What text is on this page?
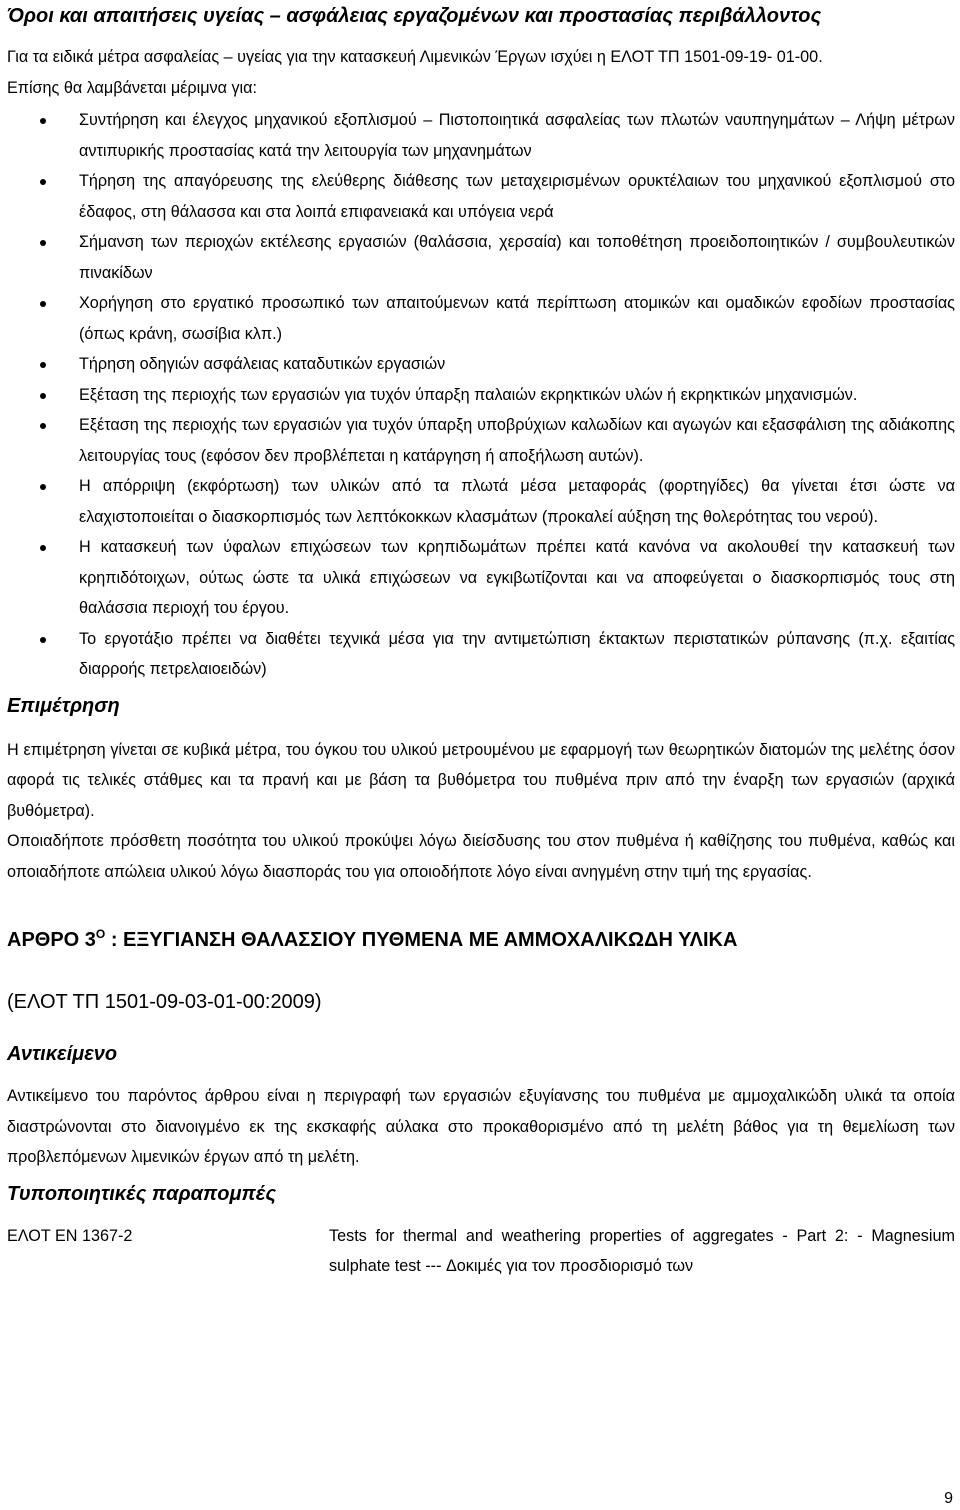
Όροι και απαιτήσεις υγείας – ασφάλειας εργαζομένων και προστασίας περιβάλλοντος

Για τα ειδικά μέτρα ασφαλείας – υγείας για την κατασκευή Λιμενικών Έργων ισχύει η ΕΛΟΤ ΤΠ 1501-09-19- 01-00.

Επίσης θα λαμβάνεται μέριμνα για:

Συντήρηση και έλεγχος μηχανικού εξοπλισμού – Πιστοποιητικά ασφαλείας των πλωτών ναυπηγημάτων – Λήψη μέτρων αντιπυρικής προστασίας κατά την λειτουργία των μηχανημάτων
Τήρηση της απαγόρευσης της ελεύθερης διάθεσης των μεταχειρισμένων ορυκτέλαιων του μηχανικού εξοπλισμού στο έδαφος, στη θάλασσα και στα λοιπά επιφανειακά και υπόγεια νερά
Σήμανση των περιοχών εκτέλεσης εργασιών (θαλάσσια, χερσαία) και τοποθέτηση προειδοποιητικών / συμβουλευτικών πινακίδων
Χορήγηση στο εργατικό προσωπικό των απαιτούμενων κατά περίπτωση ατομικών και ομαδικών εφοδίων προστασίας (όπως κράνη, σωσίβια κλπ.)
Τήρηση οδηγιών ασφάλειας καταδυτικών εργασιών
Εξέταση της περιοχής των εργασιών για τυχόν ύπαρξη παλαιών εκρηκτικών υλών ή εκρηκτικών μηχανισμών.
Εξέταση της περιοχής των εργασιών για τυχόν ύπαρξη υποβρύχιων καλωδίων και αγωγών και εξασφάλιση της αδιάκοπης λειτουργίας τους (εφόσον δεν προβλέπεται η κατάργηση ή αποξήλωση αυτών).
Η απόρριψη (εκφόρτωση) των υλικών από τα πλωτά μέσα μεταφοράς (φορτηγίδες) θα γίνεται έτσι ώστε να ελαχιστοποιείται ο διασκορπισμός των λεπτόκοκκων κλασμάτων (προκαλεί αύξηση της θολερότητας του νερού).
Η κατασκευή των ύφαλων επιχώσεων των κρηπιδωμάτων πρέπει κατά κανόνα να ακολουθεί την κατασκευή των κρηπιδότοιχων, ούτως ώστε τα υλικά επιχώσεων να εγκιβωτίζονται και να αποφεύγεται ο διασκορπισμός τους στη θαλάσσια περιοχή του έργου.
Το εργοτάξιο πρέπει να διαθέτει τεχνικά μέσα για την αντιμετώπιση έκτακτων περιστατικών ρύπανσης (π.χ. εξαιτίας διαρροής πετρελαιοειδών)
Επιμέτρηση

Η επιμέτρηση γίνεται σε κυβικά μέτρα, του όγκου του υλικού μετρουμένου με εφαρμογή των θεωρητικών διατομών της μελέτης όσον αφορά τις τελικές στάθμες και τα πρανή και με βάση τα βυθόμετρα του πυθμένα πριν από την έναρξη των εργασιών (αρχικά βυθόμετρα).

Οποιαδήποτε πρόσθετη ποσότητα του υλικού προκύψει λόγω διείσδυσης του στον πυθμένα ή καθίζησης του πυθμένα, καθώς και οποιαδήποτε απώλεια υλικού λόγω διασποράς του για οποιοδήποτε λόγο είναι ανηγμένη στην τιμή της εργασίας.

ΑΡΘΡΟ $3^O$ : ΕΞΥΓΙΑΝΣΗ ΘΑΛΑΣΣΙΟΥ ΠΥΘΜΕΝΑ ΜΕ ΑΜΜΟΧΑΛΙΚΩΔΗ ΥΛΙΚΑ

(ΕΛΟΤ ΤΠ 1501-09-03-01-00:2009)

Αντικείμενο

Αντικείμενο του παρόντος άρθρου είναι η περιγραφή των εργασιών εξυγίανσης του πυθμένα με αμμοχαλικώδη υλικά τα οποία διαστρώνονται στο διανοιγμένο εκ της εκσκαφής αύλακα στο προκαθορισμένο από τη μελέτη βάθος για τη θεμελίωση των προβλεπόμενων λιμενικών έργων από τη μελέτη.

Τυποποιητικές παραπομπές
ΕΛΟΤ ΕΝ 1367-2	Tests for thermal and weathering properties of aggregates - Part 2: - Magnesium sulphate test --- Δοκιμές για τον προσδιορισμό των
9
